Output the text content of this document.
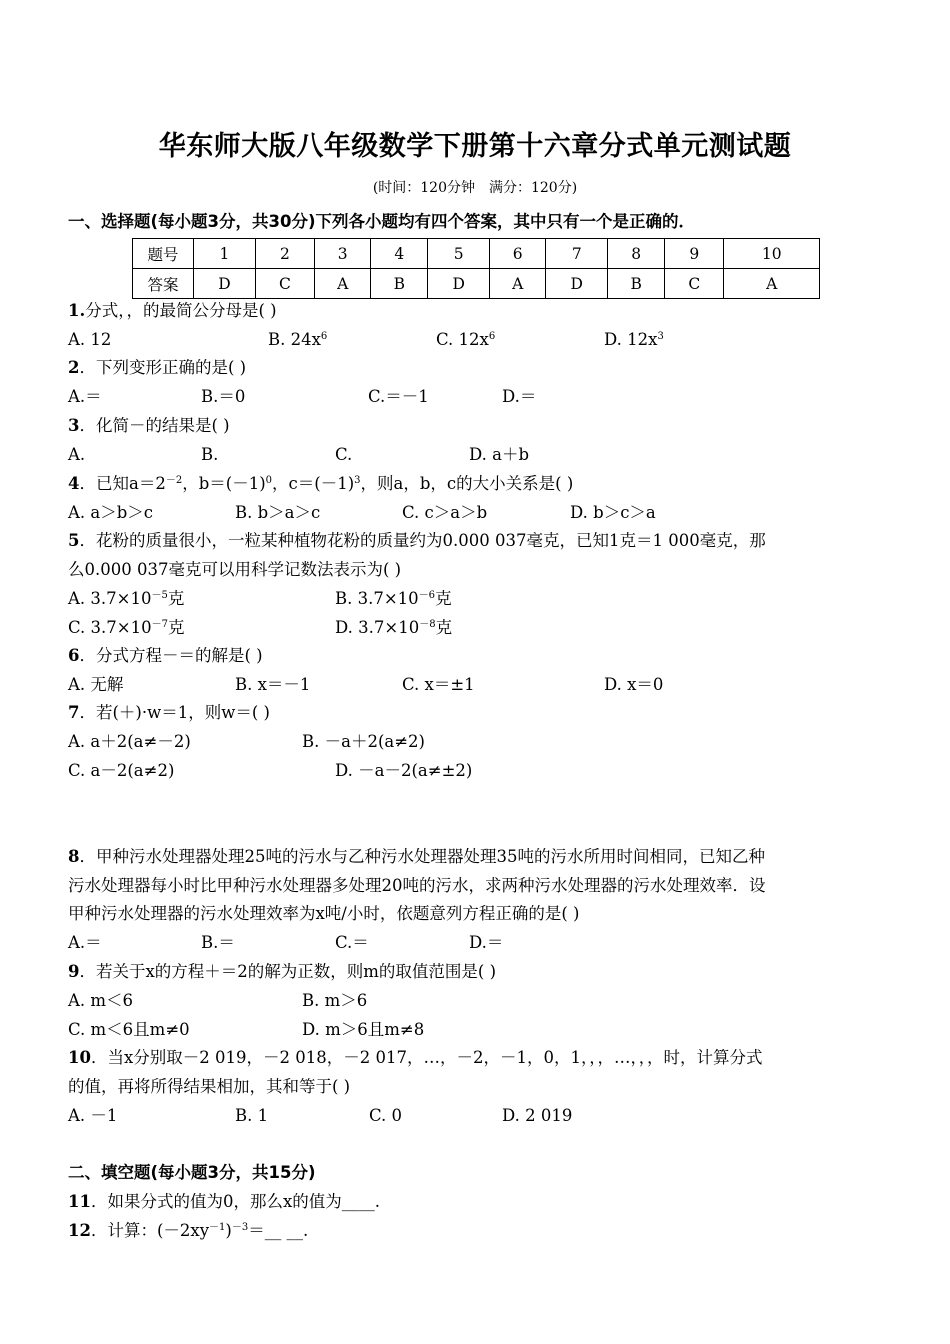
华东师大版八年级数学下册第十六章分式单元测试题
(时间：120分钟　满分：120分)
一、选择题(每小题3分，共30分)下列各小题均有四个答案，其中只有一个是正确的．
题号	1	2	3	4	5	6	7	8	9	10
答案	D	C	A	B	D	A	D	B	C	A
1.分式，，的最简公分母是( )
A. 12	B. $24x^6$	C. $12x^6$	D. $12x^3$
2．下列变形正确的是( )
A.＝	B.＝0	C.＝－1	D.＝
3．化简－的结果是( )
A.	B.	C.	D. a＋b
4．已知$a=2^{-2}$，$b=(-1)^0$，$c=(-1)^3$，则a，b，c的大小关系是( )
A. a＞b＞c	B. b＞a＞c	C. c＞a＞b	D. b＞c＞a
5．花粉的质量很小，一粒某种植物花粉的质量约为0.000 037毫克，已知1克＝1 000毫克，那
么0.000 037毫克可以用科学记数法表示为( )
A. $3.7\times 10^{-5}$克	B. $3.7\times 10^{-6}$克
C. $3.7\times 10^{-7}$克	D. $3.7\times 10^{-8}$克
6．分式方程－＝的解是( )
A. 无解	B. x＝－1	C. x＝±1	D. x＝0
7．若(＋)·w＝1，则w＝( )
A. a＋2(a≠－2)	B. －a＋2(a≠2)
C. a－2(a≠2)	D. －a－2(a≠±2)
8．甲种污水处理器处理25吨的污水与乙种污水处理器处理35吨的污水所用时间相同，已知乙种
污水处理器每小时比甲种污水处理器多处理20吨的污水，求两种污水处理器的污水处理效率．设
甲种污水处理器的污水处理效率为x吨/小时，依题意列方程正确的是( )
A.＝	B.＝	C.＝	D.＝
9．若关于x的方程＋＝2的解为正数，则m的取值范围是( )
A. m＜6	B. m＞6
C. m＜6且m≠0	D. m＞6且m≠8
10．当x分别取－2 019，－2 018，－2 017，…，－2，－1，0，1，，，…，，，时，计算分式
的值，再将所得结果相加，其和等于( )
A. －1	B. 1	C. 0	D. 2 019
二、填空题(每小题3分，共15分)
11．如果分式的值为0，那么x的值为____.
12．计算：$(-2xy^{-1})^{-3}=\_\_$ __.
